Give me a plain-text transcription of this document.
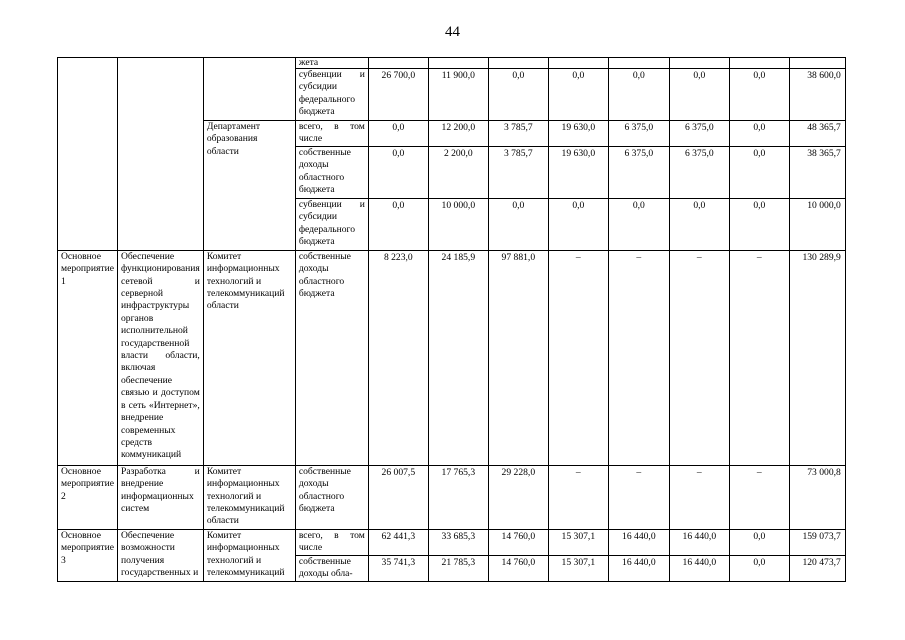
44
			жета								
			субвенции и субсидии федерального бюджета	26 700,0	11 900,0	0,0	0,0	0,0	0,0	0,0	38 600,0
		Департамент образования области	всего, в том числе	0,0	12 200,0	3 785,7	19 630,0	6 375,0	6 375,0	0,0	48 365,7
			собственные доходы областного бюджета	0,0	2 200,0	3 785,7	19 630,0	6 375,0	6 375,0	0,0	38 365,7
			субвенции и субсидии федерального бюджета	0,0	10 000,0	0,0	0,0	0,0	0,0	0,0	10 000,0
Основное мероприятие 1	Обеспечение функционирования сетевой и серверной инфраструктуры органов исполнительной государственной власти области, включая обеспечение связью и доступом в сеть «Интернет», внедрение современных средств коммуникаций	Комитет информационных технологий и телекоммуникаций области	собственные доходы областного бюджета	8 223,0	24 185,9	97 881,0	–	–	–	–	130 289,9
Основное мероприятие 2	Разработка и внедрение информационных систем	Комитет информационных технологий и телекоммуникаций области	собственные доходы областного бюджета	26 007,5	17 765,3	29 228,0	–	–	–	–	73 000,8
Основное мероприятие 3	Обеспечение возможности получения государственных и	Комитет информационных технологий и телекоммуникаций	всего, в том числе	62 441,3	33 685,3	14 760,0	15 307,1	16 440,0	16 440,0	0,0	159 073,7
			собственные доходы обла-	35 741,3	21 785,3	14 760,0	15 307,1	16 440,0	16 440,0	0,0	120 473,7
